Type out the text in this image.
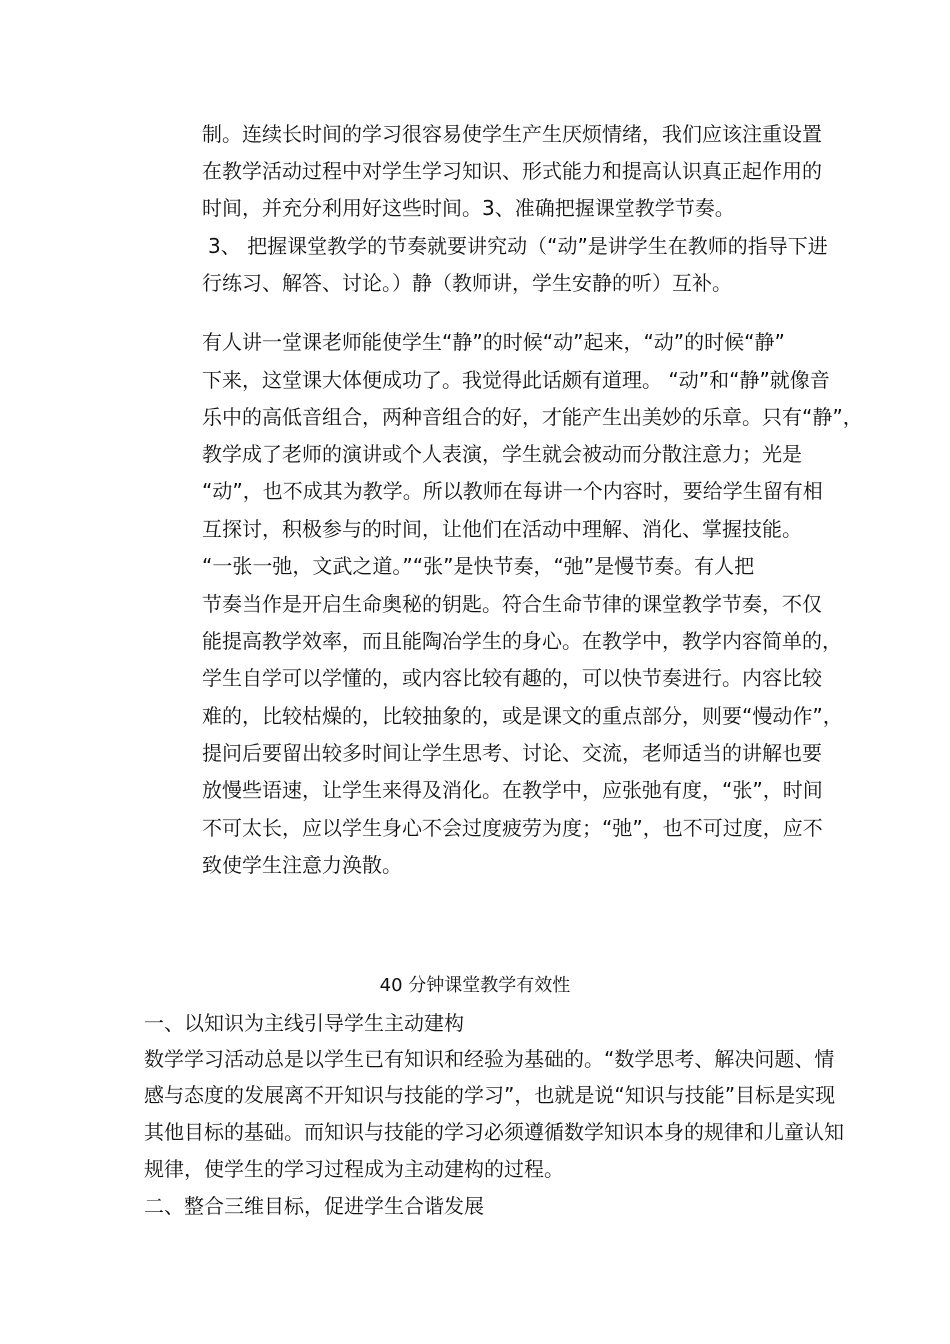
制。连续长时间的学习很容易使学生产生厌烦情绪，我们应该注重设置
在教学活动过程中对学生学习知识、形式能力和提高认识真正起作用的
时间，并充分利用好这些时间。3、准确把握课堂教学节奏。
3、 把握课堂教学的节奏就要讲究动（“动”是讲学生在教师的指导下进
行练习、解答、讨论。）静（教师讲，学生安静的听）互补。
有人讲一堂课老师能使学生“静”的时候“动”起来，“动”的时候“静”
下来，这堂课大体便成功了。我觉得此话颇有道理。 “动”和“静”就像音
乐中的高低音组合，两种音组合的好，才能产生出美妙的乐章。只有“静”，
教学成了老师的演讲或个人表演，学生就会被动而分散注意力；光是
“动”，也不成其为教学。所以教师在每讲一个内容时，要给学生留有相
互探讨，积极参与的时间，让他们在活动中理解、消化、掌握技能。
“一张一弛，文武之道。”“张”是快节奏，“弛”是慢节奏。有人把
节奏当作是开启生命奥秘的钥匙。符合生命节律的课堂教学节奏，不仅
能提高教学效率，而且能陶冶学生的身心。在教学中，教学内容简单的，
学生自学可以学懂的，或内容比较有趣的，可以快节奏进行。内容比较
难的，比较枯燥的，比较抽象的，或是课文的重点部分，则要“慢动作”，
提问后要留出较多时间让学生思考、讨论、交流，老师适当的讲解也要
放慢些语速，让学生来得及消化。在教学中，应张弛有度，“张”，时间
不可太长，应以学生身心不会过度疲劳为度；“弛”，也不可过度，应不
致使学生注意力涣散。
40 分钟课堂教学有效性
一、以知识为主线引导学生主动建构
数学学习活动总是以学生已有知识和经验为基础的。“数学思考、解决问题、情
感与态度的发展离不开知识与技能的学习”，也就是说“知识与技能”目标是实现
其他目标的基础。而知识与技能的学习必须遵循数学知识本身的规律和儿童认知
规律，使学生的学习过程成为主动建构的过程。
二、整合三维目标，促进学生合谐发展
